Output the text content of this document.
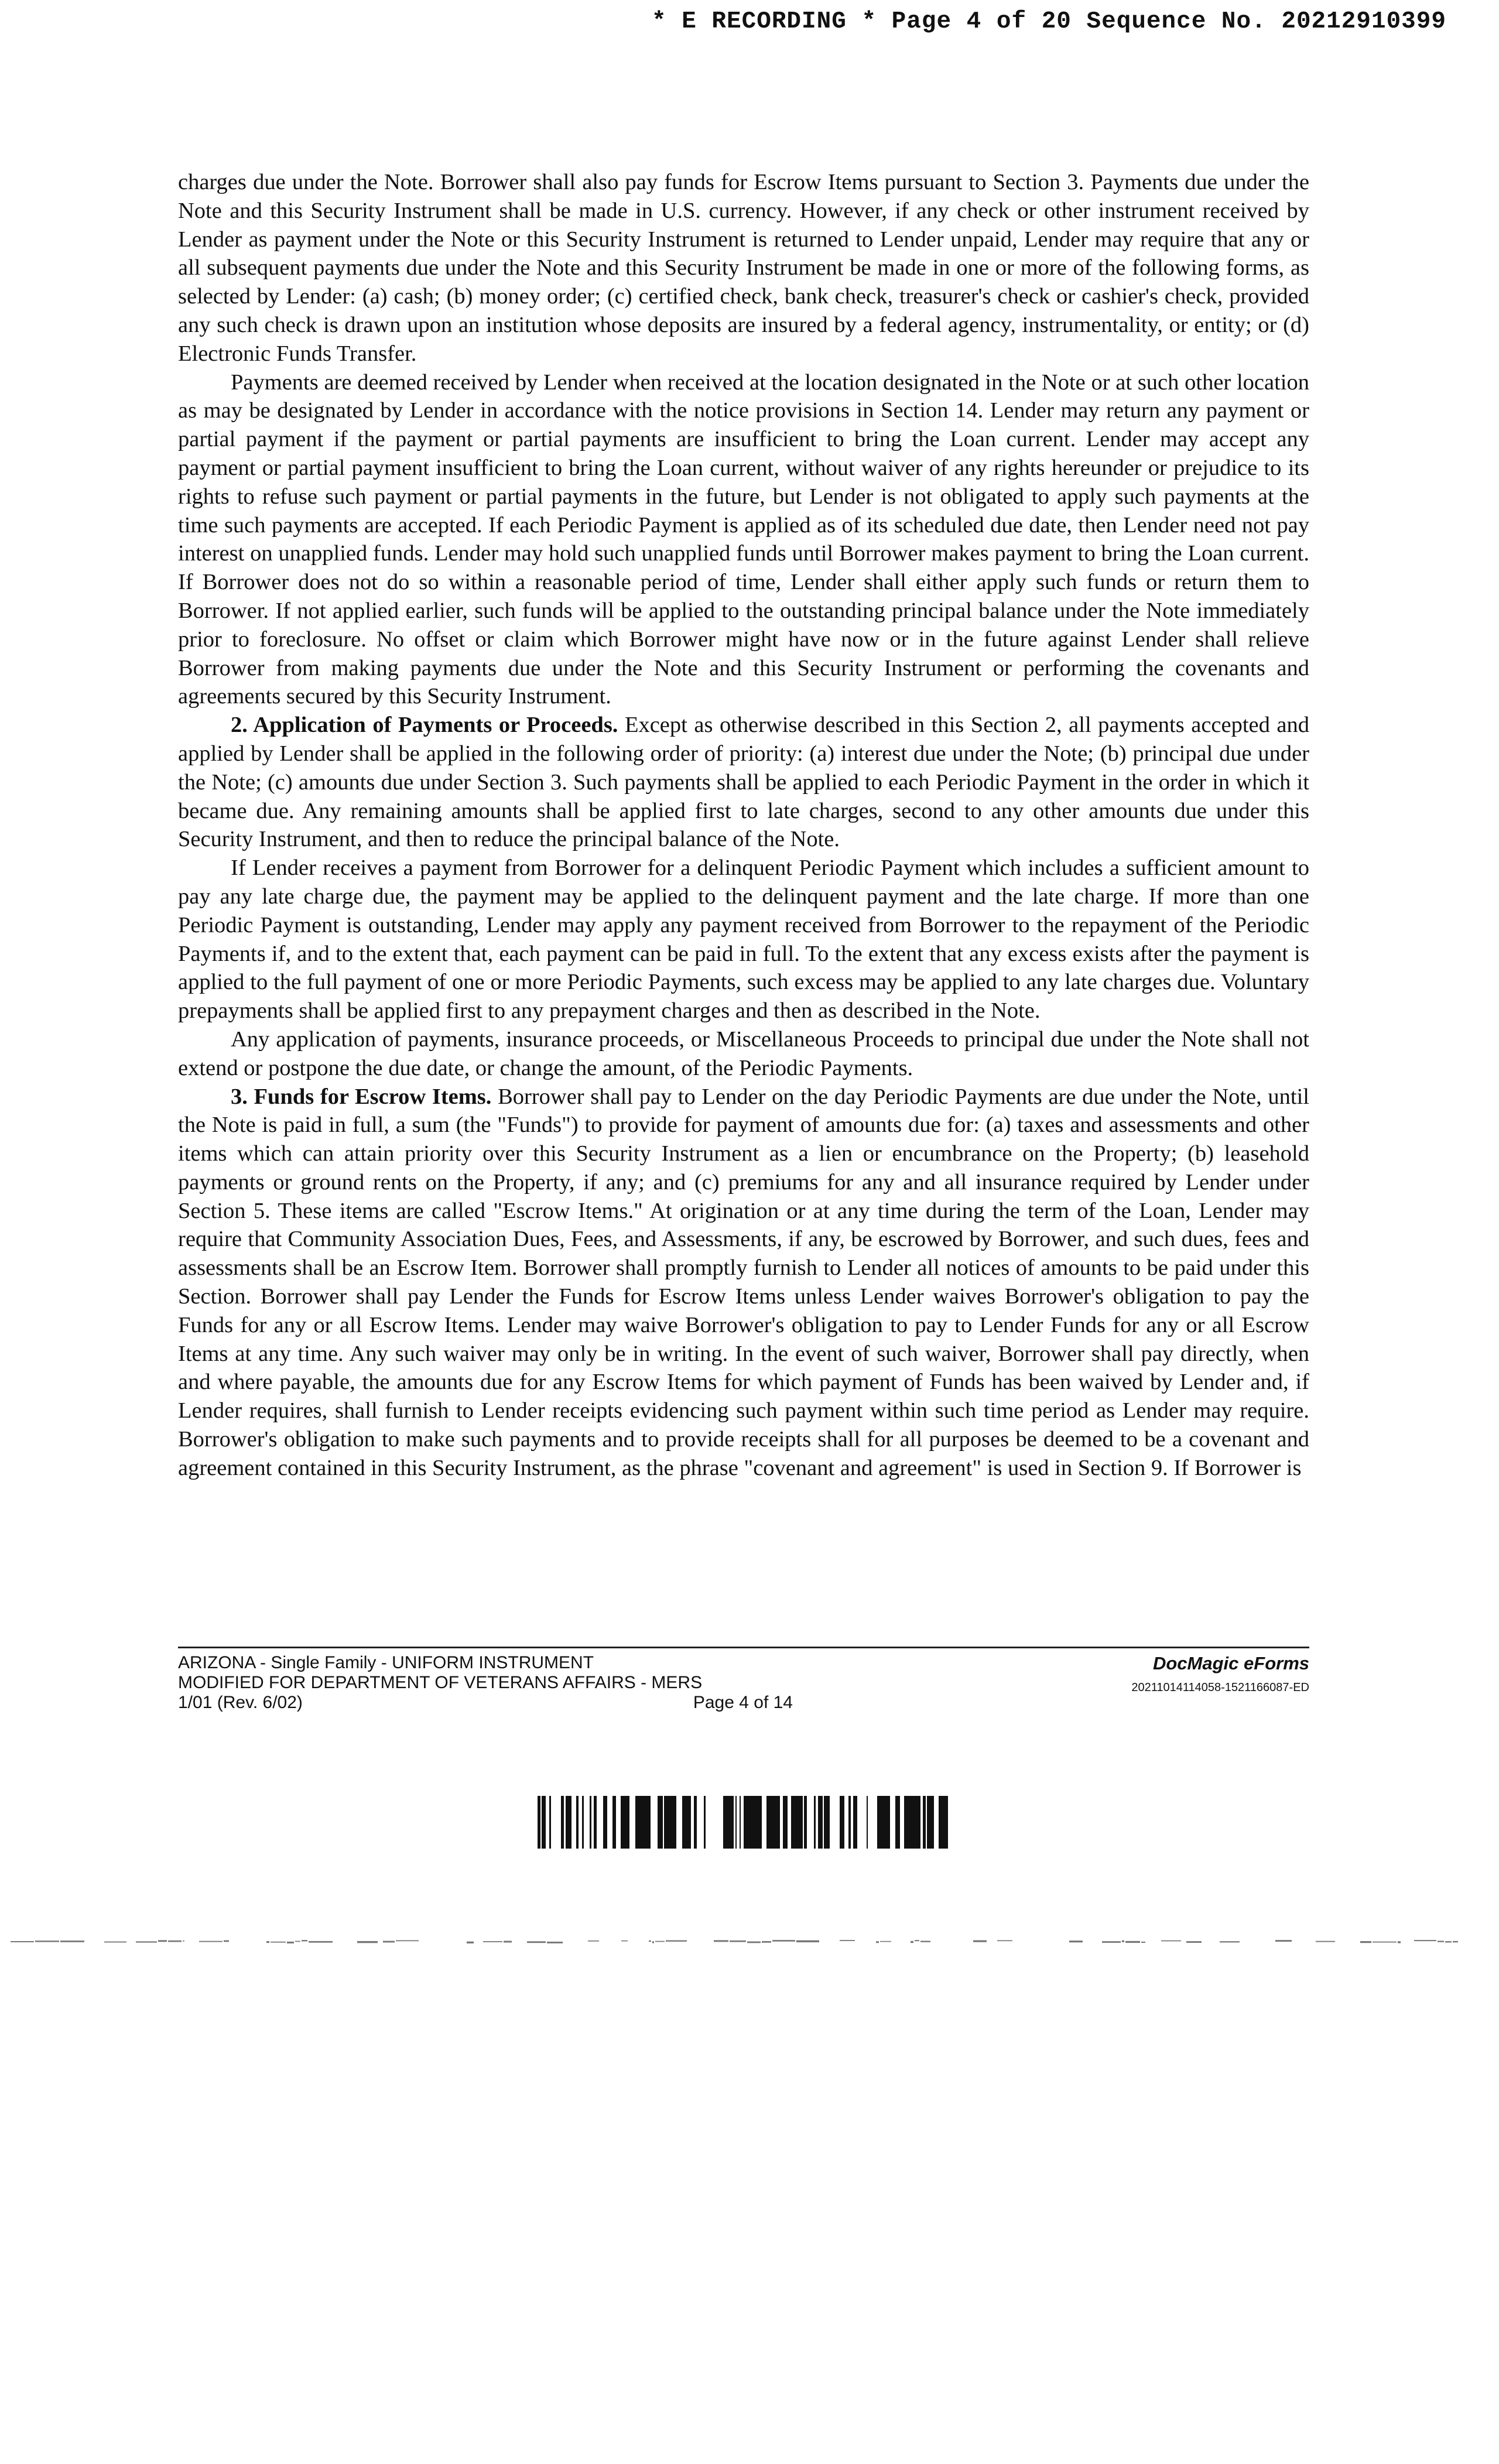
* E RECORDING * Page 4 of 20 Sequence No. 20212910399

charges due under the Note. Borrower shall also pay funds for Escrow Items pursuant to Section 3. Payments due under the Note and this Security Instrument shall be made in U.S. currency. However, if any check or other instrument received by Lender as payment under the Note or this Security Instrument is returned to Lender unpaid, Lender may require that any or all subsequent payments due under the Note and this Security Instrument be made in one or more of the following forms, as selected by Lender: (a) cash; (b) money order; (c) certified check, bank check, treasurer's check or cashier's check, provided any such check is drawn upon an institution whose deposits are insured by a federal agency, instrumentality, or entity; or (d) Electronic Funds Transfer.

Payments are deemed received by Lender when received at the location designated in the Note or at such other location as may be designated by Lender in accordance with the notice provisions in Section 14. Lender may return any payment or partial payment if the payment or partial payments are insufficient to bring the Loan current. Lender may accept any payment or partial payment insufficient to bring the Loan current, without waiver of any rights hereunder or prejudice to its rights to refuse such payment or partial payments in the future, but Lender is not obligated to apply such payments at the time such payments are accepted. If each Periodic Payment is applied as of its scheduled due date, then Lender need not pay interest on unapplied funds. Lender may hold such unapplied funds until Borrower makes payment to bring the Loan current. If Borrower does not do so within a reasonable period of time, Lender shall either apply such funds or return them to Borrower. If not applied earlier, such funds will be applied to the outstanding principal balance under the Note immediately prior to foreclosure. No offset or claim which Borrower might have now or in the future against Lender shall relieve Borrower from making payments due under the Note and this Security Instrument or performing the covenants and agreements secured by this Security Instrument.

2. Application of Payments or Proceeds. Except as otherwise described in this Section 2, all payments accepted and applied by Lender shall be applied in the following order of priority: (a) interest due under the Note; (b) principal due under the Note; (c) amounts due under Section 3. Such payments shall be applied to each Periodic Payment in the order in which it became due. Any remaining amounts shall be applied first to late charges, second to any other amounts due under this Security Instrument, and then to reduce the principal balance of the Note.

If Lender receives a payment from Borrower for a delinquent Periodic Payment which includes a sufficient amount to pay any late charge due, the payment may be applied to the delinquent payment and the late charge. If more than one Periodic Payment is outstanding, Lender may apply any payment received from Borrower to the repayment of the Periodic Payments if, and to the extent that, each payment can be paid in full. To the extent that any excess exists after the payment is applied to the full payment of one or more Periodic Payments, such excess may be applied to any late charges due. Voluntary prepayments shall be applied first to any prepayment charges and then as described in the Note.

Any application of payments, insurance proceeds, or Miscellaneous Proceeds to principal due under the Note shall not extend or postpone the due date, or change the amount, of the Periodic Payments.

3. Funds for Escrow Items. Borrower shall pay to Lender on the day Periodic Payments are due under the Note, until the Note is paid in full, a sum (the "Funds") to provide for payment of amounts due for: (a) taxes and assessments and other items which can attain priority over this Security Instrument as a lien or encumbrance on the Property; (b) leasehold payments or ground rents on the Property, if any; and (c) premiums for any and all insurance required by Lender under Section 5. These items are called "Escrow Items." At origination or at any time during the term of the Loan, Lender may require that Community Association Dues, Fees, and Assessments, if any, be escrowed by Borrower, and such dues, fees and assessments shall be an Escrow Item. Borrower shall promptly furnish to Lender all notices of amounts to be paid under this Section. Borrower shall pay Lender the Funds for Escrow Items unless Lender waives Borrower's obligation to pay the Funds for any or all Escrow Items. Lender may waive Borrower's obligation to pay to Lender Funds for any or all Escrow Items at any time. Any such waiver may only be in writing. In the event of such waiver, Borrower shall pay directly, when and where payable, the amounts due for any Escrow Items for which payment of Funds has been waived by Lender and, if Lender requires, shall furnish to Lender receipts evidencing such payment within such time period as Lender may require. Borrower's obligation to make such payments and to provide receipts shall for all purposes be deemed to be a covenant and agreement contained in this Security Instrument, as the phrase "covenant and agreement" is used in Section 9. If Borrower is

ARIZONA - Single Family - UNIFORM INSTRUMENT
MODIFIED FOR DEPARTMENT OF VETERANS AFFAIRS - MERS
1/01 (Rev. 6/02)	Page 4 of 14
DocMagic eForms
20211014114058-1521166087-ED
